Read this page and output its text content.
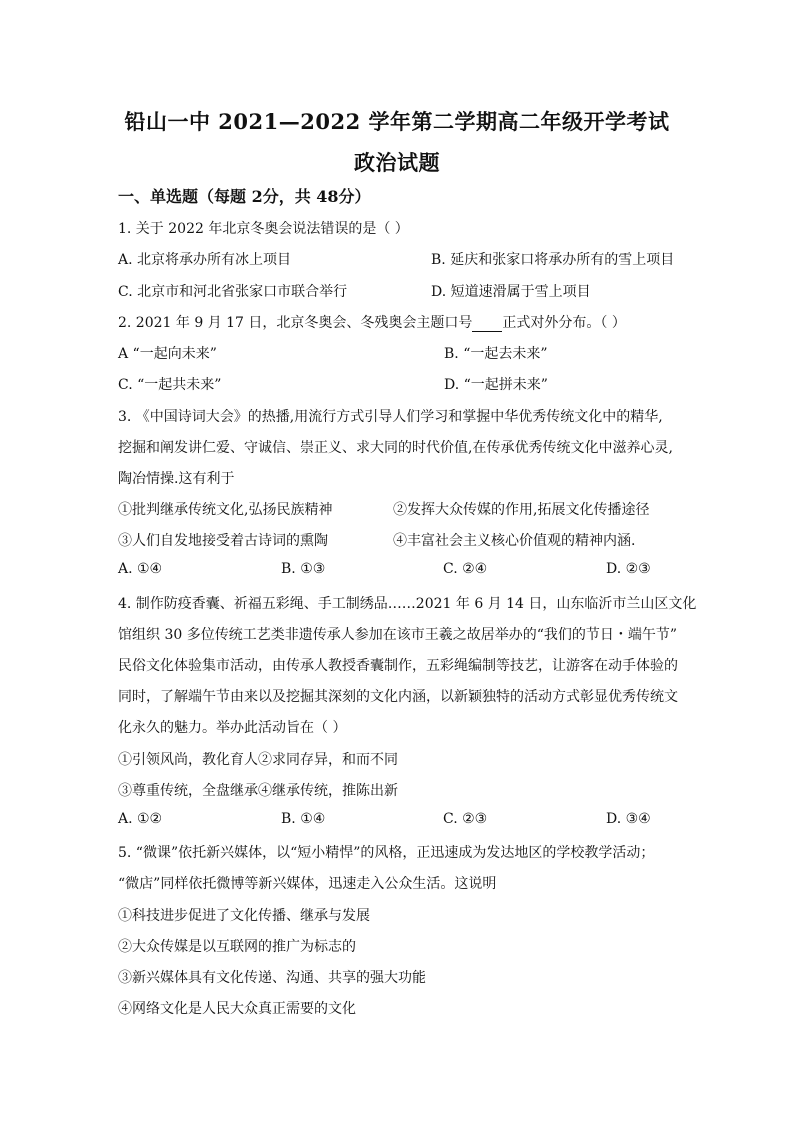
铅山一中 2021—2022 学年第二学期高二年级开学考试
政治试题
一、单选题（每题 2分，共 48分）
1. 关于 2022 年北京冬奥会说法错误的是（ ）
A. 北京将承办所有冰上项目	B. 延庆和张家口将承办所有的雪上项目
C. 北京市和河北省张家口市联合举行	D. 短道速滑属于雪上项目
2. 2021 年 9 月 17 日，北京冬奥会、冬残奥会主题口号 正式对外分布。（ ）
A “一起向未来”	B. “一起去未来”
C. “一起共未来”	D. “一起拼未来”
3. 《中国诗词大会》的热播,用流行方式引导人们学习和掌握中华优秀传统文化中的精华,
挖掘和阐发讲仁爱、守诚信、崇正义、求大同的时代价值,在传承优秀传统文化中滋养心灵,
陶冶情操.这有利于
①批判继承传统文化,弘扬民族精神	②发挥大众传媒的作用,拓展文化传播途径
③人们自发地接受着古诗词的熏陶	④丰富社会主义核心价值观的精神内涵.
A. ①④	B. ①③	C. ②④	D. ②③
4. 制作防疫香囊、祈福五彩绳、手工制绣品……2021 年 6 月 14 日，山东临沂市兰山区文化
馆组织 30 多位传统工艺类非遗传承人参加在该市王羲之故居举办的“我们的节日・端午节”
民俗文化体验集市活动，由传承人教授香囊制作，五彩绳编制等技艺，让游客在动手体验的
同时，了解端午节由来以及挖掘其深刻的文化内涵，以新颖独特的活动方式彰显优秀传统文
化永久的魅力。举办此活动旨在（ ）
①引领风尚，教化育人②求同存异，和而不同
③尊重传统，全盘继承④继承传统，推陈出新
A. ①②	B. ①④	C. ②③	D. ③④
5. “微课”依托新兴媒体，以“短小精悍”的风格，正迅速成为发达地区的学校教学活动；
“微店”同样依托微博等新兴媒体，迅速走入公众生活。这说明
①科技进步促进了文化传播、继承与发展
②大众传媒是以互联网的推广为标志的
③新兴媒体具有文化传递、沟通、共享的强大功能
④网络文化是人民大众真正需要的文化
